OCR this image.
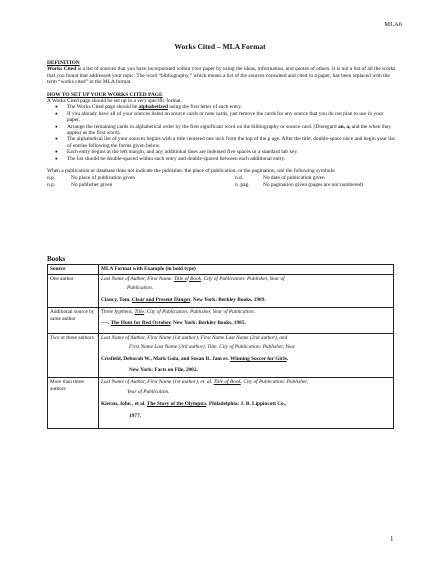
MLA6
Works Cited – MLA Format
DEFINITION

Works Cited is a list of sources that you have incorporated within your paper by using the ideas, information, and quotes of others. It is not a list of all the works that you found that addressed your topic. The word “bibliography,” which means a list of the sources consulted and cited in a paper, has been replaced with the term “works cited” in the MLA format.

HOW TO SET UP YOUR WORKS CITED PAGE

A Works Cited page should be set up in a very specific format.

● The Works Cited page should be alphabetized using the first letter of each entry.
● If you already have all of your sources listed on source cards or note cards, just remove the cards for any source that you do not plan to use in your paper.
● Arrange the remaining cards in alphabetical order by the first significant word on the bibliography or source card. (Disregard an, a, and the when they appear as the first word).
● The alphabetical list of your sources begins with a title centered one inch from the top of the p age. After the title, double-space once and begin your list of entries following the forms given below.
● Each entry begins at the left margin, and any additional lines are indented five spaces or a standard tab key.
● The list should be double-spaced within each entry and double-spaced between each additional entry.

When a publication or database does not indicate the publisher, the place of publication, or the pagination, use the following symbols:

n.p.	No place of publication given	n.d.	No date of publication given
n.p.	No publisher given	n. pag.	No pagination given (pages are not numbered)
Books
Source	MLA Format with Example (in bold type)
One author	Last Name of Author, First Name. Title of Book. City of Publication: Publisher, Year of
Publication.
Clancy, Tom. Clear and Present Danger. New York: Berkley Books, 1989.

Additional source by same author	Three hyphens. Title. City of Publication: Publisher, Year of Publication.
----. The Hunt for Red October. New York: Berkley Books, 1985.

Two or three authors	Last Name of Author, First Name (1st author), First Name Last Name (2nd author), and
First Name Last Name (3rd author). Title. City of Publication: Publisher, Year.
Crisfield, Deborah W., Mark Gola, and Susan R. Jam es. Winning Soccer for Girls.
New York: Facts on File, 2002.

More than three authors	Last Name of Author, First Name (1st author), et. al. Title of Book. City of Publication: Publisher,
Year of Publication.
Kieran, John , et al. The Story of the Olympics. Philadelphia: J. B. Lippincott Co.,
1977.
1
